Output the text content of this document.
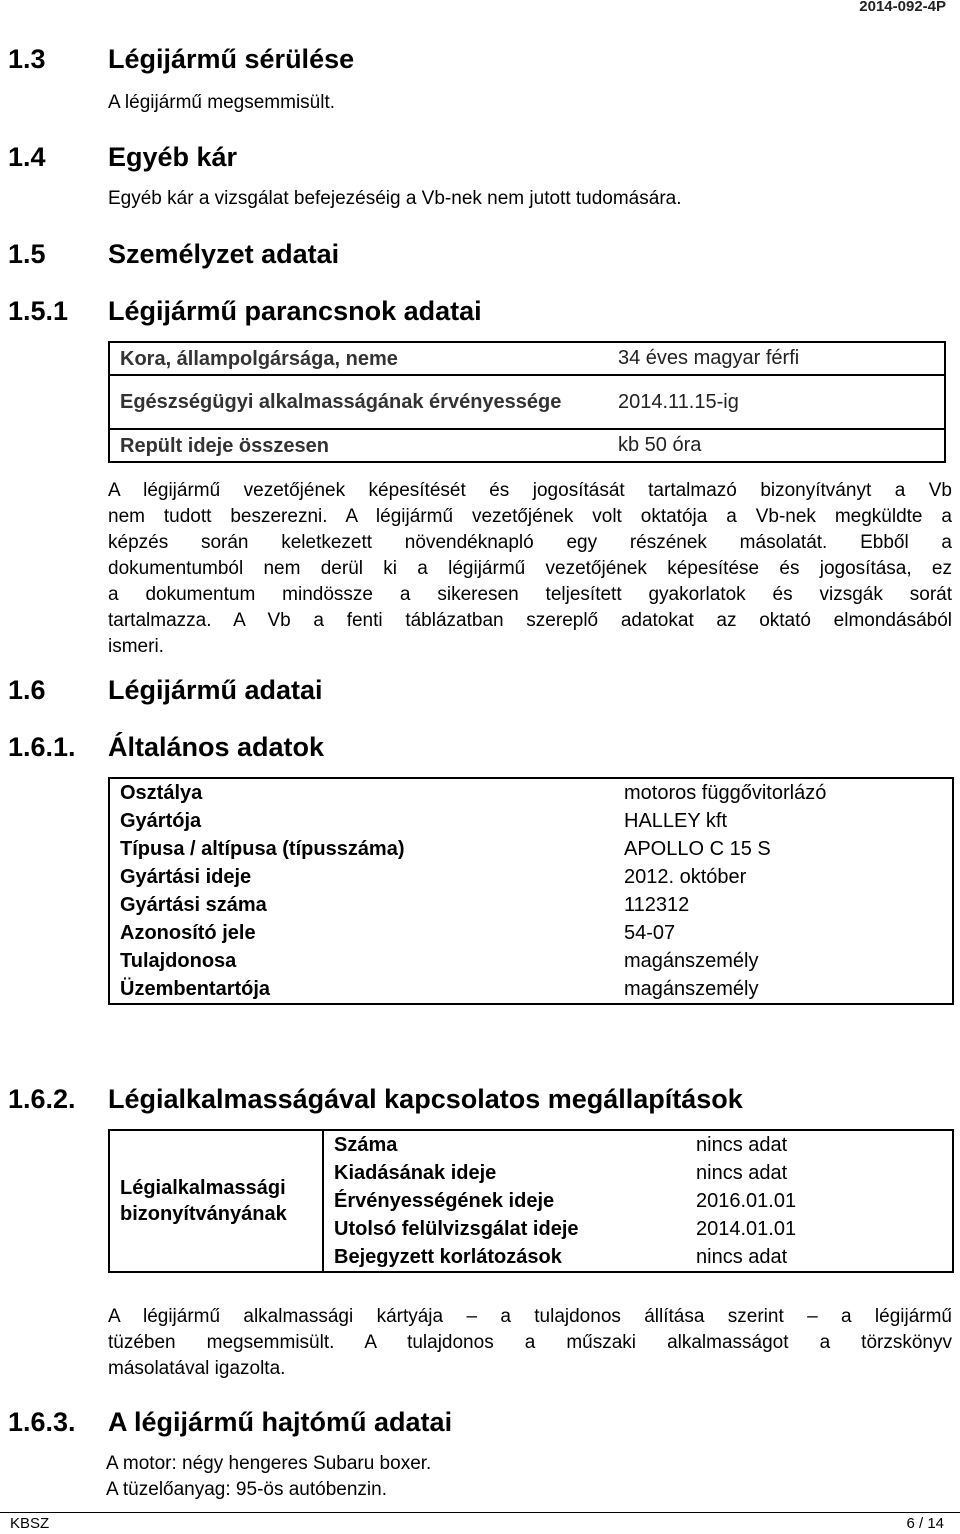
2014-092-4P
1.3 Légijármű sérülése
A légijármű megsemmisült.
1.4 Egyéb kár
Egyéb kár a vizsgálat befejezéséig a Vb-nek nem jutott tudomására.
1.5 Személyzet adatai
1.5.1 Légijármű parancsnok adatai
Kora, állampolgársága, neme	34 éves magyar férfi
Egészségügyi alkalmasságának érvényessége	2014.11.15-ig
Repült ideje összesen	kb 50 óra
A légijármű vezetőjének képesítését és jogosítását tartalmazó bizonyítványt a Vb
nem tudott beszerezni. A légijármű vezetőjének volt oktatója a Vb-nek megküldte a
képzés során keletkezett növendéknapló egy részének másolatát. Ebből a
dokumentumból nem derül ki a légijármű vezetőjének képesítése és jogosítása, ez
a dokumentum mindössze a sikeresen teljesített gyakorlatok és vizsgák sorát
tartalmazza. A Vb a fenti táblázatban szereplő adatokat az oktató elmondásából
ismeri.
1.6 Légijármű adatai
1.6.1. Általános adatok
Osztálya	motoros függővitorlázó
Gyártója	HALLEY kft
Típusa / altípusa (típusszáma)	APOLLO C 15 S
Gyártási ideje	2012. október
Gyártási száma	112312
Azonosító jele	54-07
Tulajdonosa	magánszemély
Üzembentartója	magánszemély
1.6.2. Légialkalmasságával kapcsolatos megállapítások
Légialkalmassági bizonyítványának	Száma	nincs adat
	Kiadásának ideje	nincs adat
	Érvényességének ideje	2016.01.01
	Utolsó felülvizsgálat ideje	2014.01.01
	Bejegyzett korlátozások	nincs adat
A légijármű alkalmassági kártyája – a tulajdonos állítása szerint – a légijármű
tüzében megsemmisült. A tulajdonos a műszaki alkalmasságot a törzskönyv
másolatával igazolta.
1.6.3. A légijármű hajtómű adatai
A motor: négy hengeres Subaru boxer.
A tüzelőanyag: 95-ös autóbenzin.
KBSZ	6 / 14
